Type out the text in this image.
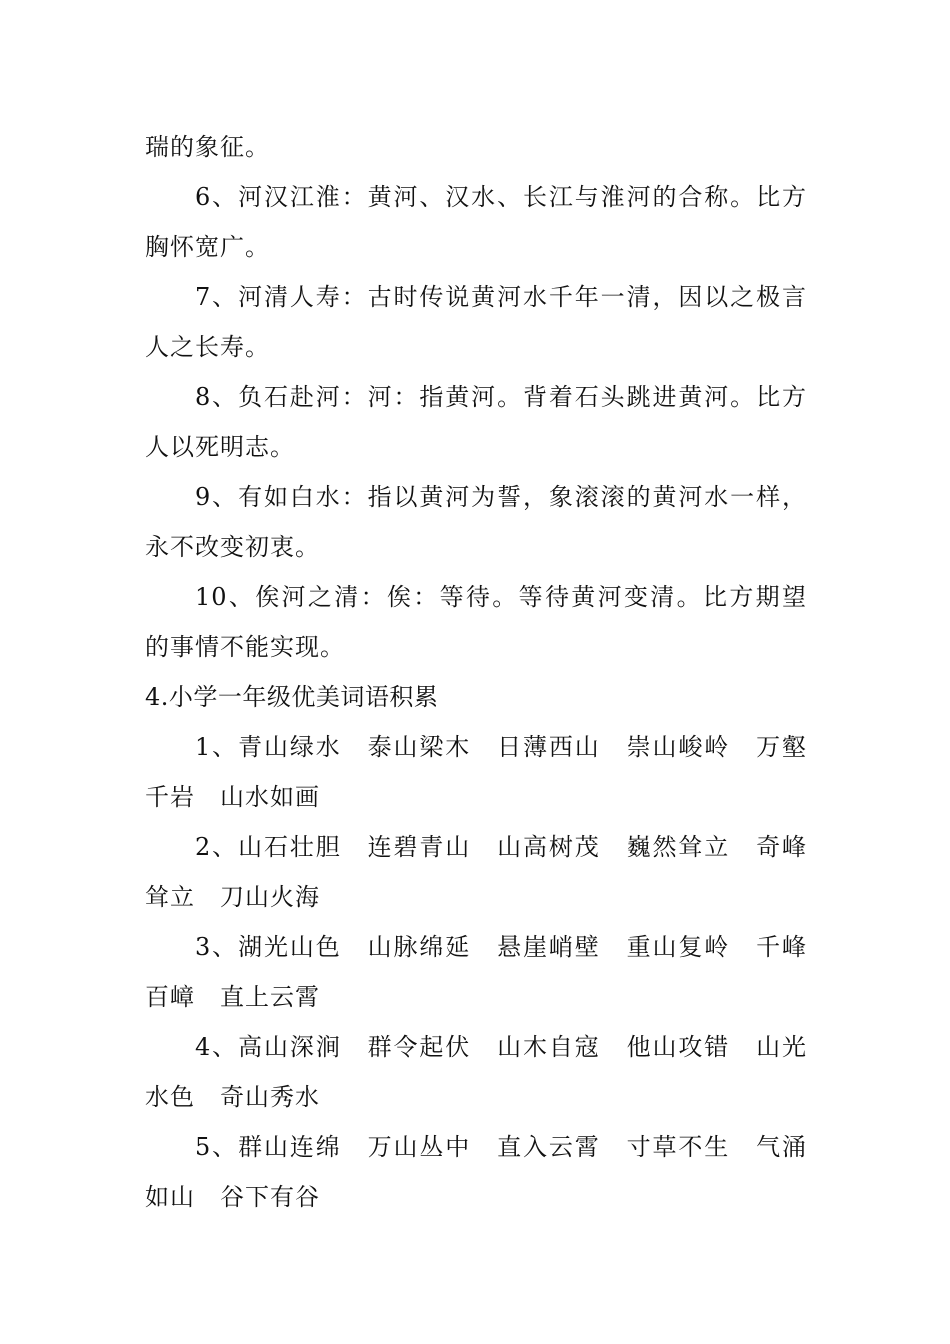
瑞的象征。
6、河汉江淮：黄河、汉水、长江与淮河的合称。比方
胸怀宽广。
7、河清人寿：古时传说黄河水千年一清，因以之极言
人之长寿。
8、负石赴河：河：指黄河。背着石头跳进黄河。比方
人以死明志。
9、有如白水：指以黄河为誓，象滚滚的黄河水一样，
永不改变初衷。
10、俟河之清：俟：等待。等待黄河变清。比方期望
的事情不能实现。
4.小学一年级优美词语积累
1、青山绿水　泰山梁木　日薄西山　崇山峻岭　万壑
千岩　山水如画
2、山石壮胆　连碧青山　山高树茂　巍然耸立　奇峰
耸立　刀山火海
3、湖光山色　山脉绵延　悬崖峭壁　重山复岭　千峰
百嶂　直上云霄
4、高山深涧　群令起伏　山木自寇　他山攻错　山光
水色　奇山秀水
5、群山连绵　万山丛中　直入云霄　寸草不生　气涌
如山　谷下有谷
